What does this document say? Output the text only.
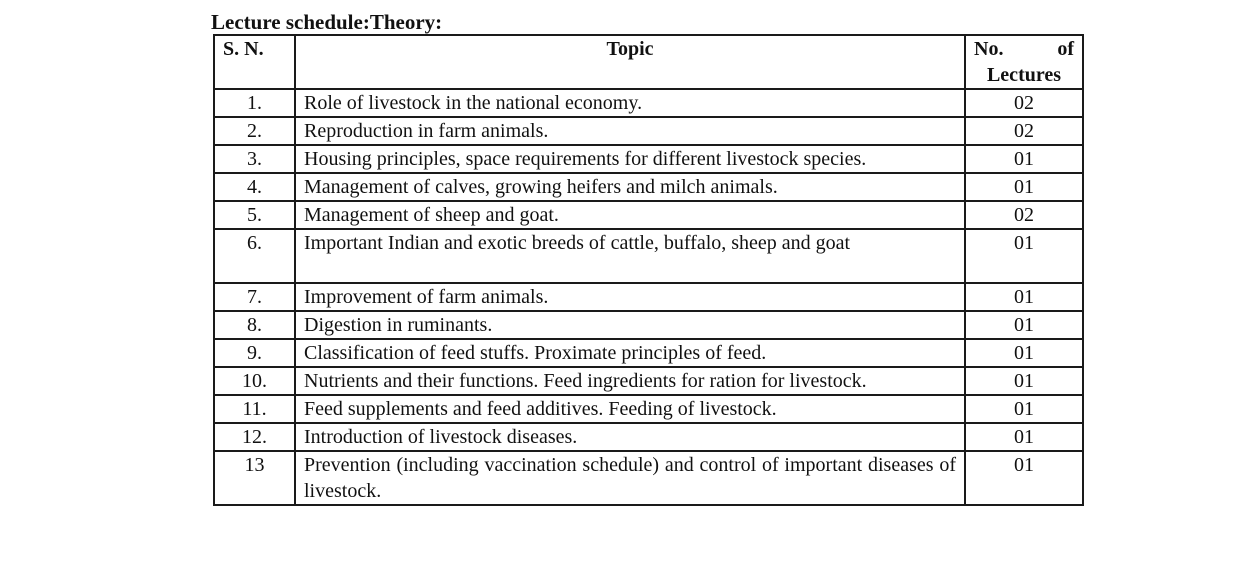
Lecture schedule:Theory:
S. N.	Topic	No. of
Lectures

1.	Role of livestock in the national economy.	02
2.	Reproduction in farm animals.	02
3.	Housing principles, space requirements for different livestock species.	01
4.	Management of calves, growing heifers and milch animals.	01
5.	Management of sheep and goat.	02
6.	Important Indian and exotic breeds of cattle, buffalo, sheep and goat	01
7.	Improvement of farm animals.	01
8.	Digestion in ruminants.	01
9.	Classification of feed stuffs. Proximate principles of feed.	01
10.	Nutrients and their functions. Feed ingredients for ration for livestock.	01
11.	Feed supplements and feed additives. Feeding of livestock.	01
12.	Introduction of livestock diseases.	01
13	Prevention (including vaccination schedule) and control of important diseases of livestock.	01
